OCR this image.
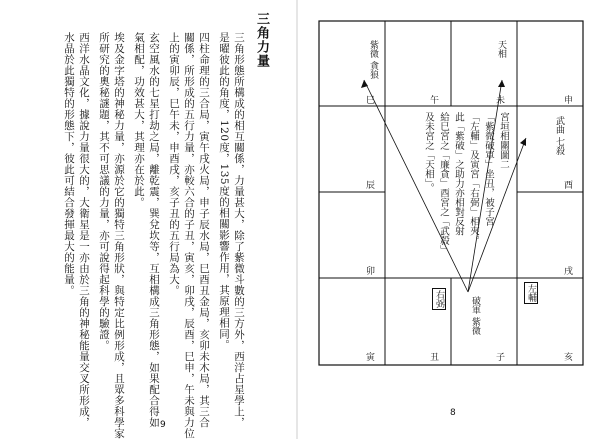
三角力量
三角形態所構成的相互關係，力量甚大，除了紫微斗數的三方外，西洋占星學上，
是曜彼此的角度，120度，135度的相關影響作用，其原理相同。
四柱命理的三合局，寅午戌火局，申子辰水局，巳酉丑金局，亥卯未木局，其三合
關係，所形成的五行力量，亦較六合的子丑，寅亥，卯戌，辰酉，巳申，午未與力位
上的寅卯辰，巳午未，申酉戌，亥子丑的五行局為大。
玄空風水的七星打劫之局，離乾震，巽兌坎等，互相構成三角形態，如果配合得如
氣相配，功效甚大，其理亦在於此。
埃及金字塔的神秘力量，亦源於它的獨特三角形狀，與特定比例形成，且眾多科學家
所研究的奧秘謎題，其不可思議的力量，亦可說得起科學的驗證。
西洋水晶文化，據說力量很大的，大衛星是一亦由於三角的神秘能量交叉所形成，
水晶於此獨特的形態下，彼此可結合發揮最大的能量。
9
巳	午	未	申
辰	酉
卯	戌
寅	丑	子	亥
紫微 貪狼	天相
武曲 七殺
右弼	破軍 紫微
左輔
宮垣相關圖二
「紫微破軍」坐丑，被子宮
「左輔」及寅宮「右弼」相夾。
此「紫破」之助力亦相對反射
給巳宮之「廉貪」酉宮之「武殺」
及未宮之「天相」。
8
